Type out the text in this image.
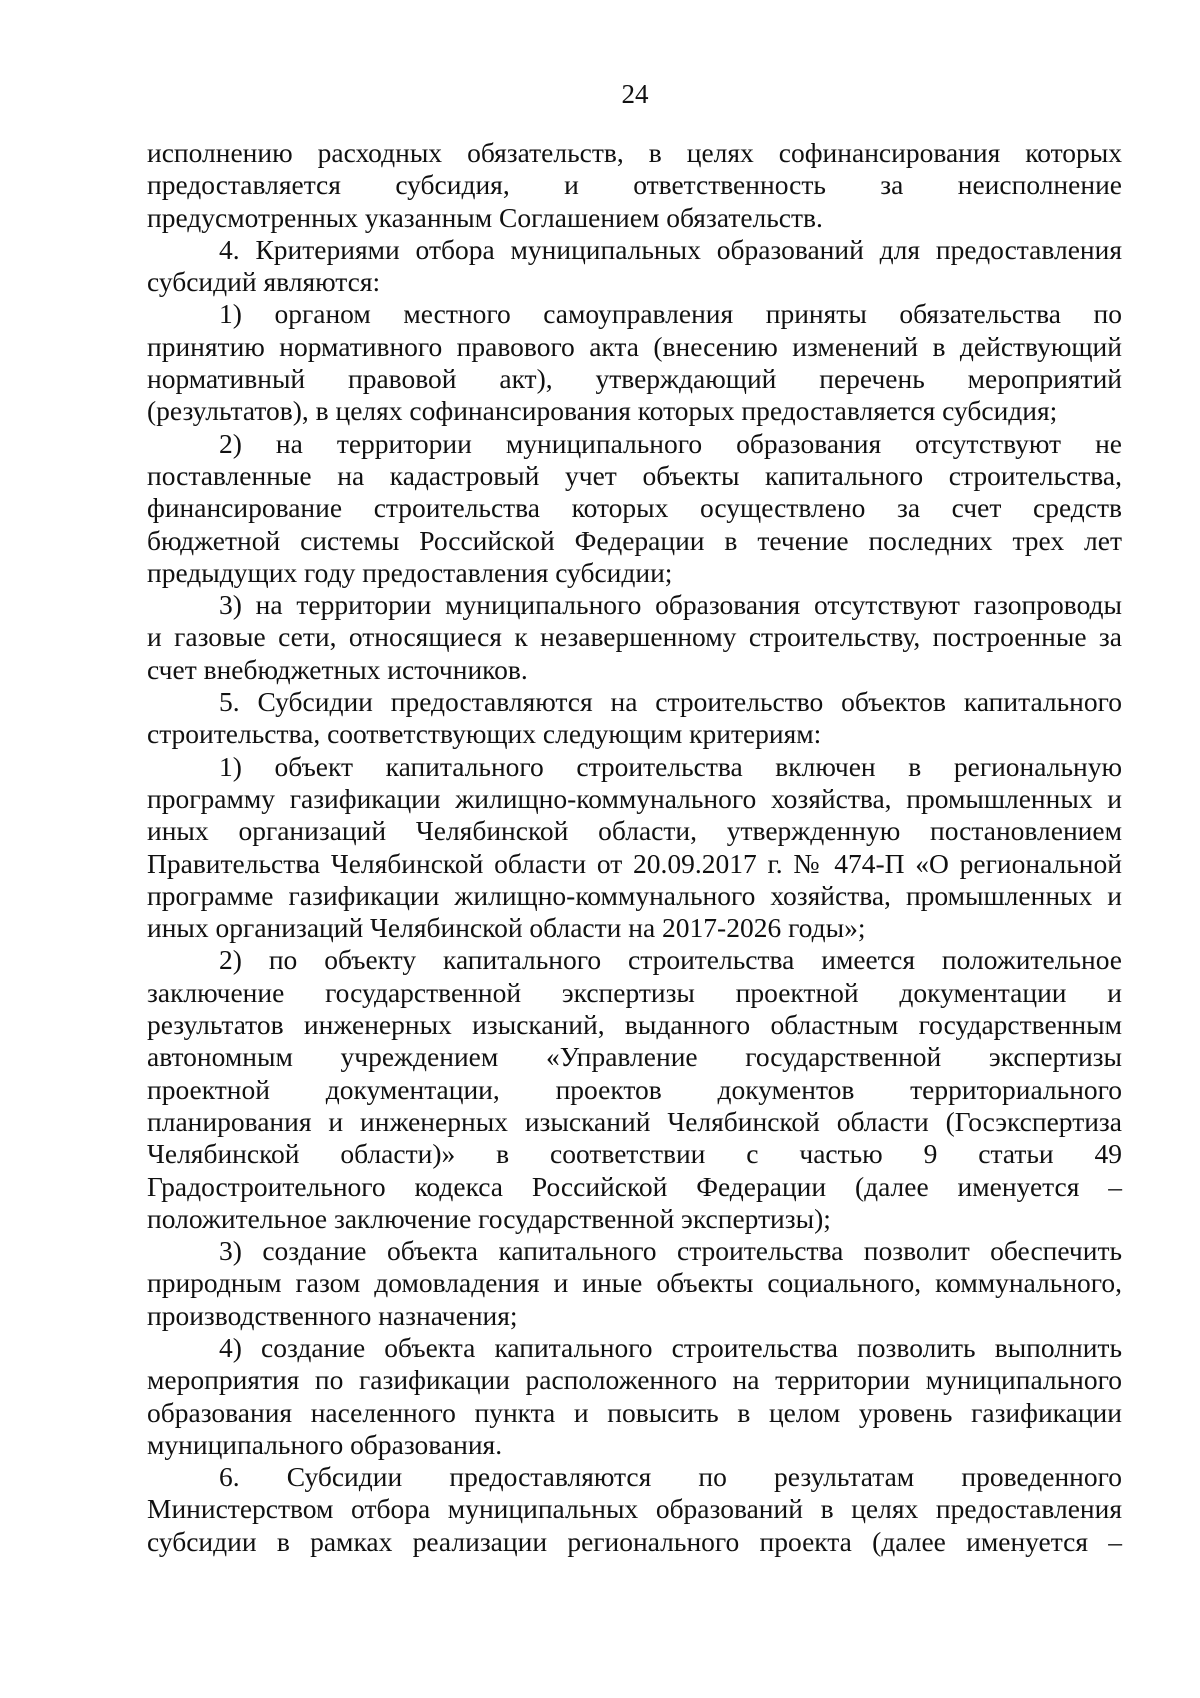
24
исполнению расходных обязательств, в целях софинансирования которых
предоставляется субсидия, и ответственность за неисполнение
предусмотренных указанным Соглашением обязательств.
4. Критериями отбора муниципальных образований для предоставления
субсидий являются:
1) органом местного самоуправления приняты обязательства по
принятию нормативного правового акта (внесению изменений в действующий
нормативный правовой акт), утверждающий перечень мероприятий
(результатов), в целях софинансирования которых предоставляется субсидия;
2) на территории муниципального образования отсутствуют не
поставленные на кадастровый учет объекты капитального строительства,
финансирование строительства которых осуществлено за счет средств
бюджетной системы Российской Федерации в течение последних трех лет
предыдущих году предоставления субсидии;
3) на территории муниципального образования отсутствуют газопроводы
и газовые сети, относящиеся к незавершенному строительству, построенные за
счет внебюджетных источников.
5. Субсидии предоставляются на строительство объектов капитального
строительства, соответствующих следующим критериям:
1) объект капитального строительства включен в региональную
программу газификации жилищно-коммунального хозяйства, промышленных и
иных организаций Челябинской области, утвержденную постановлением
Правительства Челябинской области от 20.09.2017 г. № 474-П «О региональной
программе газификации жилищно-коммунального хозяйства, промышленных и
иных организаций Челябинской области на 2017-2026 годы»;
2) по объекту капитального строительства имеется положительное
заключение государственной экспертизы проектной документации и
результатов инженерных изысканий, выданного областным государственным
автономным учреждением «Управление государственной экспертизы
проектной документации, проектов документов территориального
планирования и инженерных изысканий Челябинской области (Госэкспертиза
Челябинской области)» в соответствии с частью 9 статьи 49
Градостроительного кодекса Российской Федерации (далее именуется –
положительное заключение государственной экспертизы);
3) создание объекта капитального строительства позволит обеспечить
природным газом домовладения и иные объекты социального, коммунального,
производственного назначения;
4) создание объекта капитального строительства позволить выполнить
мероприятия по газификации расположенного на территории муниципального
образования населенного пункта и повысить в целом уровень газификации
муниципального образования.
6. Субсидии предоставляются по результатам проведенного
Министерством отбора муниципальных образований в целях предоставления
субсидии в рамках реализации регионального проекта (далее именуется –
